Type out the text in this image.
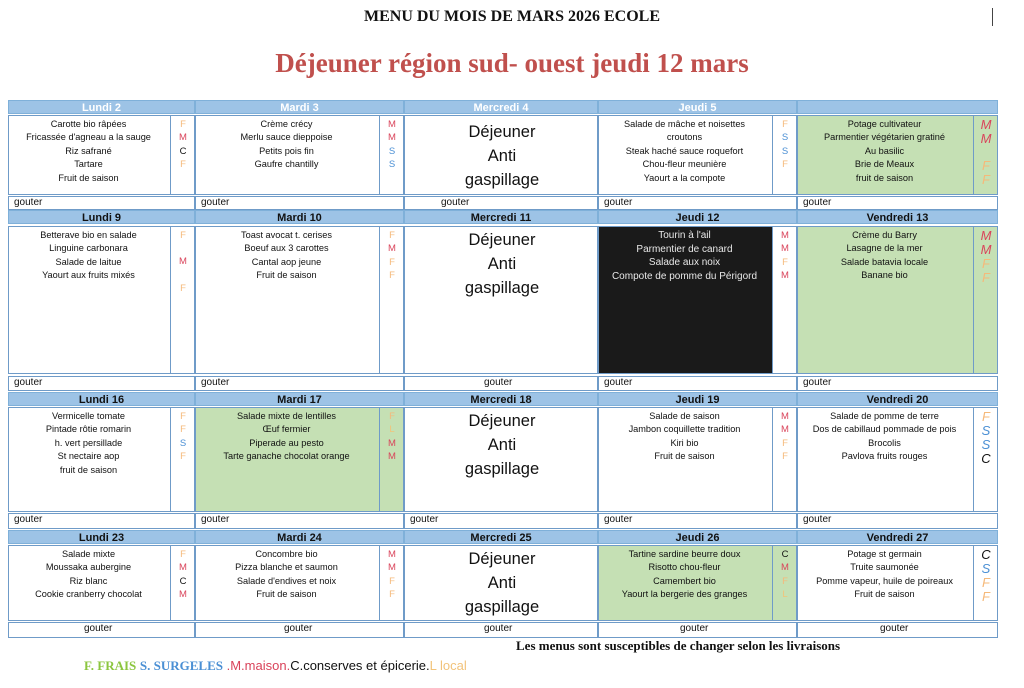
MENU DU MOIS DE MARS 2026 ECOLE
Déjeuner région sud- ouest jeudi 12 mars
Lundi 2
Carotte bio râpées
Fricassée d'agneau a la sauge
Riz safrané
Tartare
Fruit de saison
F
M
C
F
gouter
Mardi 3
Crème crécy
Merlu sauce dieppoise
Petits pois fin
Gaufre chantilly
M
M
S
S
gouter
Mercredi 4
Déjeuner
Anti
gaspillage
gouter
Jeudi 5
Salade de mâche et noisettes
croutons
Steak haché sauce roquefort
Chou-fleur meunière
Yaourt a la compote
F
S
S
F
gouter
Potage cultivateur
Parmentier végétarien gratiné
Au basilic
Brie de Meaux
fruit de saison
M
M
F
F
gouter
Lundi 9
Betterave bio en salade
Linguine carbonara
Salade de laitue
Yaourt aux fruits mixés
F
M
F
gouter
Mardi 10
Toast avocat t. cerises
Boeuf aux 3 carottes
Cantal aop jeune
Fruit de saison
F
M
F
F
gouter
Mercredi 11
Déjeuner
Anti
gaspillage
gouter
Jeudi 12
Tourin à l'ail
Parmentier de canard
Salade aux noix
Compote de pomme du Périgord
M
M
F
M
gouter
Vendredi 13
Crème du Barry
Lasagne de la mer
Salade batavia locale
Banane bio
M
M
F
F
gouter
Lundi 16
Vermicelle tomate
Pintade rôtie romarin
h. vert persillade
St nectaire aop
fruit de saison
F
F
S
F
gouter
Mardi 17
Salade mixte de lentilles
Œuf fermier
Piperade au pesto
Tarte ganache chocolat orange
F
L
M
M
gouter
Mercredi 18
Déjeuner
Anti
gaspillage
gouter
Jeudi 19
Salade de saison
Jambon coquillette tradition
Kiri bio
Fruit de saison
M
M
F
F
gouter
Vendredi 20
Salade de pomme de terre
Dos de cabillaud pommade de pois
Brocolis
Pavlova fruits rouges
F
S
S
C
gouter
Lundi 23
Salade mixte
Moussaka aubergine
Riz blanc
Cookie cranberry chocolat
F
M
C
M
gouter
Mardi 24
Concombre bio
Pizza blanche et saumon
Salade d'endives et noix
Fruit de saison
M
M
F
F
gouter
Mercredi 25
Déjeuner
Anti
gaspillage
gouter
Jeudi 26
Tartine sardine beurre doux
Risotto chou-fleur
Camembert bio
Yaourt la bergerie des granges
C
M
F
L
gouter
Vendredi 27
Potage st germain
Truite saumonée
Pomme vapeur, huile de poireaux
Fruit de saison
C
S
F
F
gouter
Les menus sont susceptibles de changer selon les livraisons
F. FRAIS S. SURGELES .M.maison.C.conserves et épicerie.L local
